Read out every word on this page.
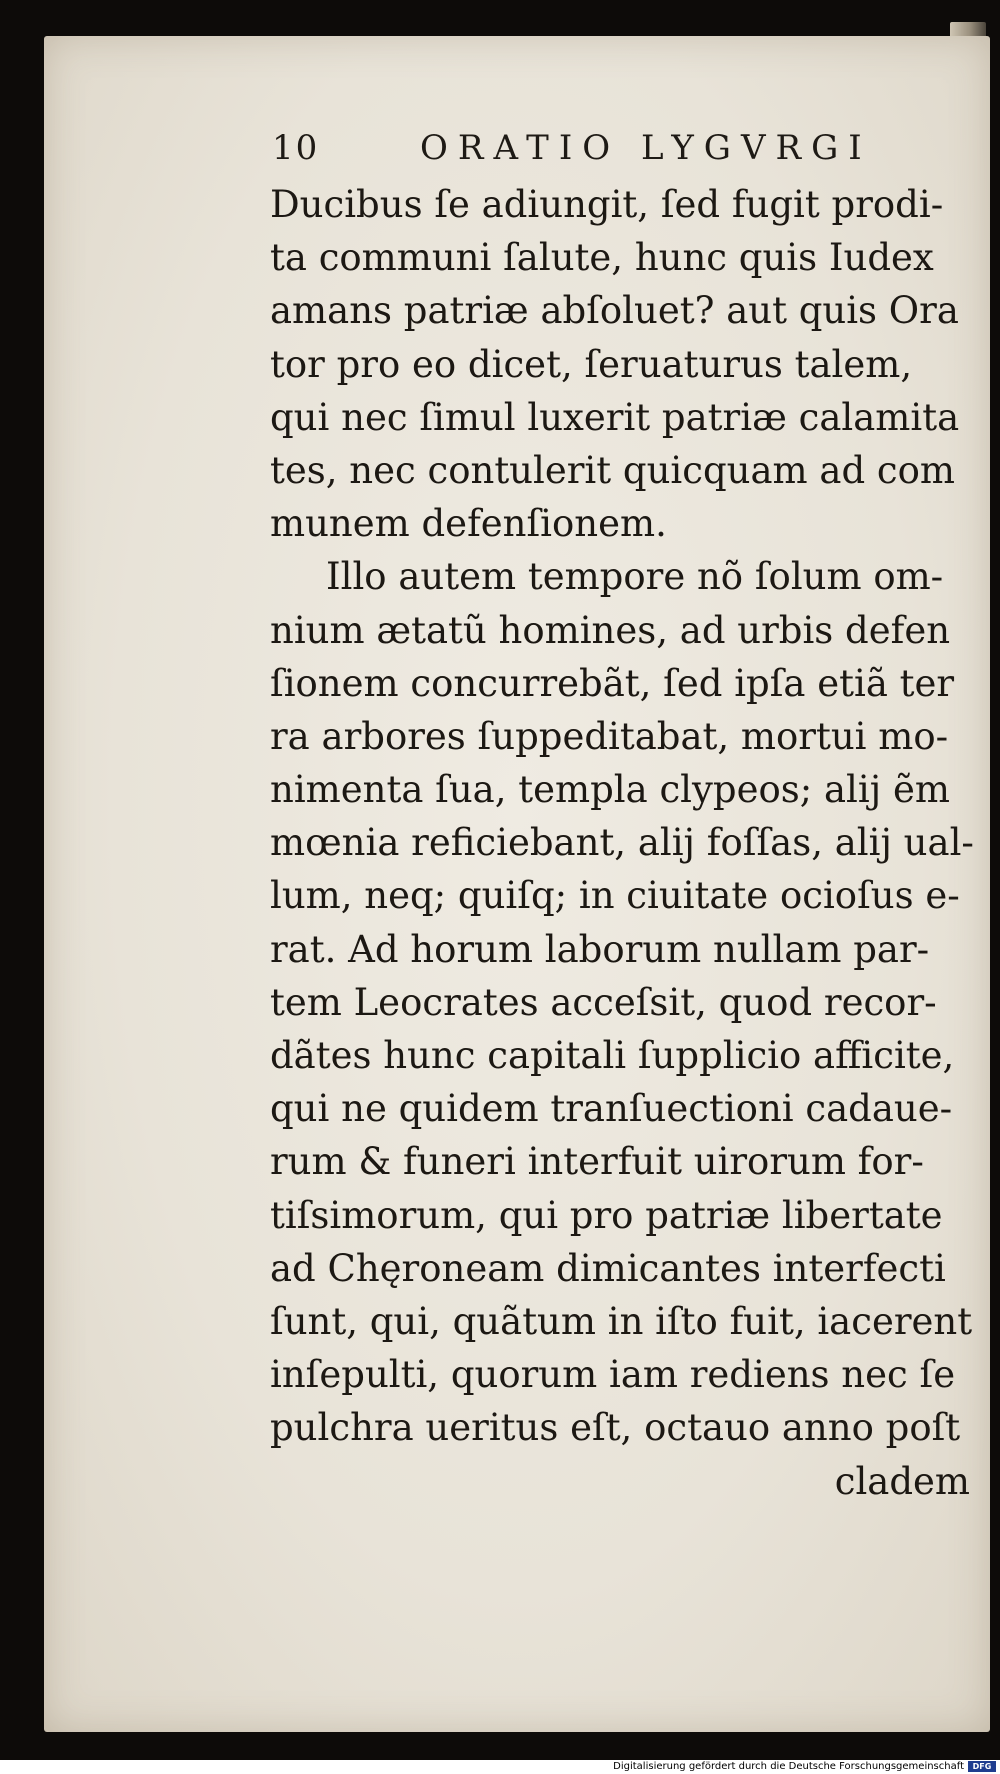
10	ORATIO LYGVRGI
Ducibus ſe adiungit, ſed fugit prodi-
ta communi ſalute, hunc quis Iudex
amans patriæ abſoluet? aut quis Ora
tor pro eo dicet, ſeruaturus talem,
qui nec ſimul luxerit patriæ calamita
tes, nec contulerit quicquam ad com
munem defenſionem.
Illo autem tempore nõ ſolum om-
nium ætatũ homines, ad urbis defen
ſionem concurrebãt, ſed ipſa etiã ter
ra arbores ſuppeditabat, mortui mo-
nimenta ſua, templa clypeos; alij ẽm
mœnia reficiebant, alij foſſas, alij ual-
lum, neq; quiſq; in ciuitate ocioſus e-
rat. Ad horum laborum nullam par-
tem Leocrates acceſsit, quod recor-
dãtes hunc capitali ſupplicio afficite,
qui ne quidem tranſuectioni cadaue-
rum & funeri interfuit uirorum for-
tiſsimorum, qui pro patriæ libertate
ad Chęroneam dimicantes interfecti
ſunt, qui, quãtum in iſto fuit, iacerent
inſepulti, quorum iam rediens nec ſe
pulchra ueritus eſt, octauo anno poſt
cladem
Digitalisierung gefördert durch die Deutsche Forschungsgemeinschaft	DFG
